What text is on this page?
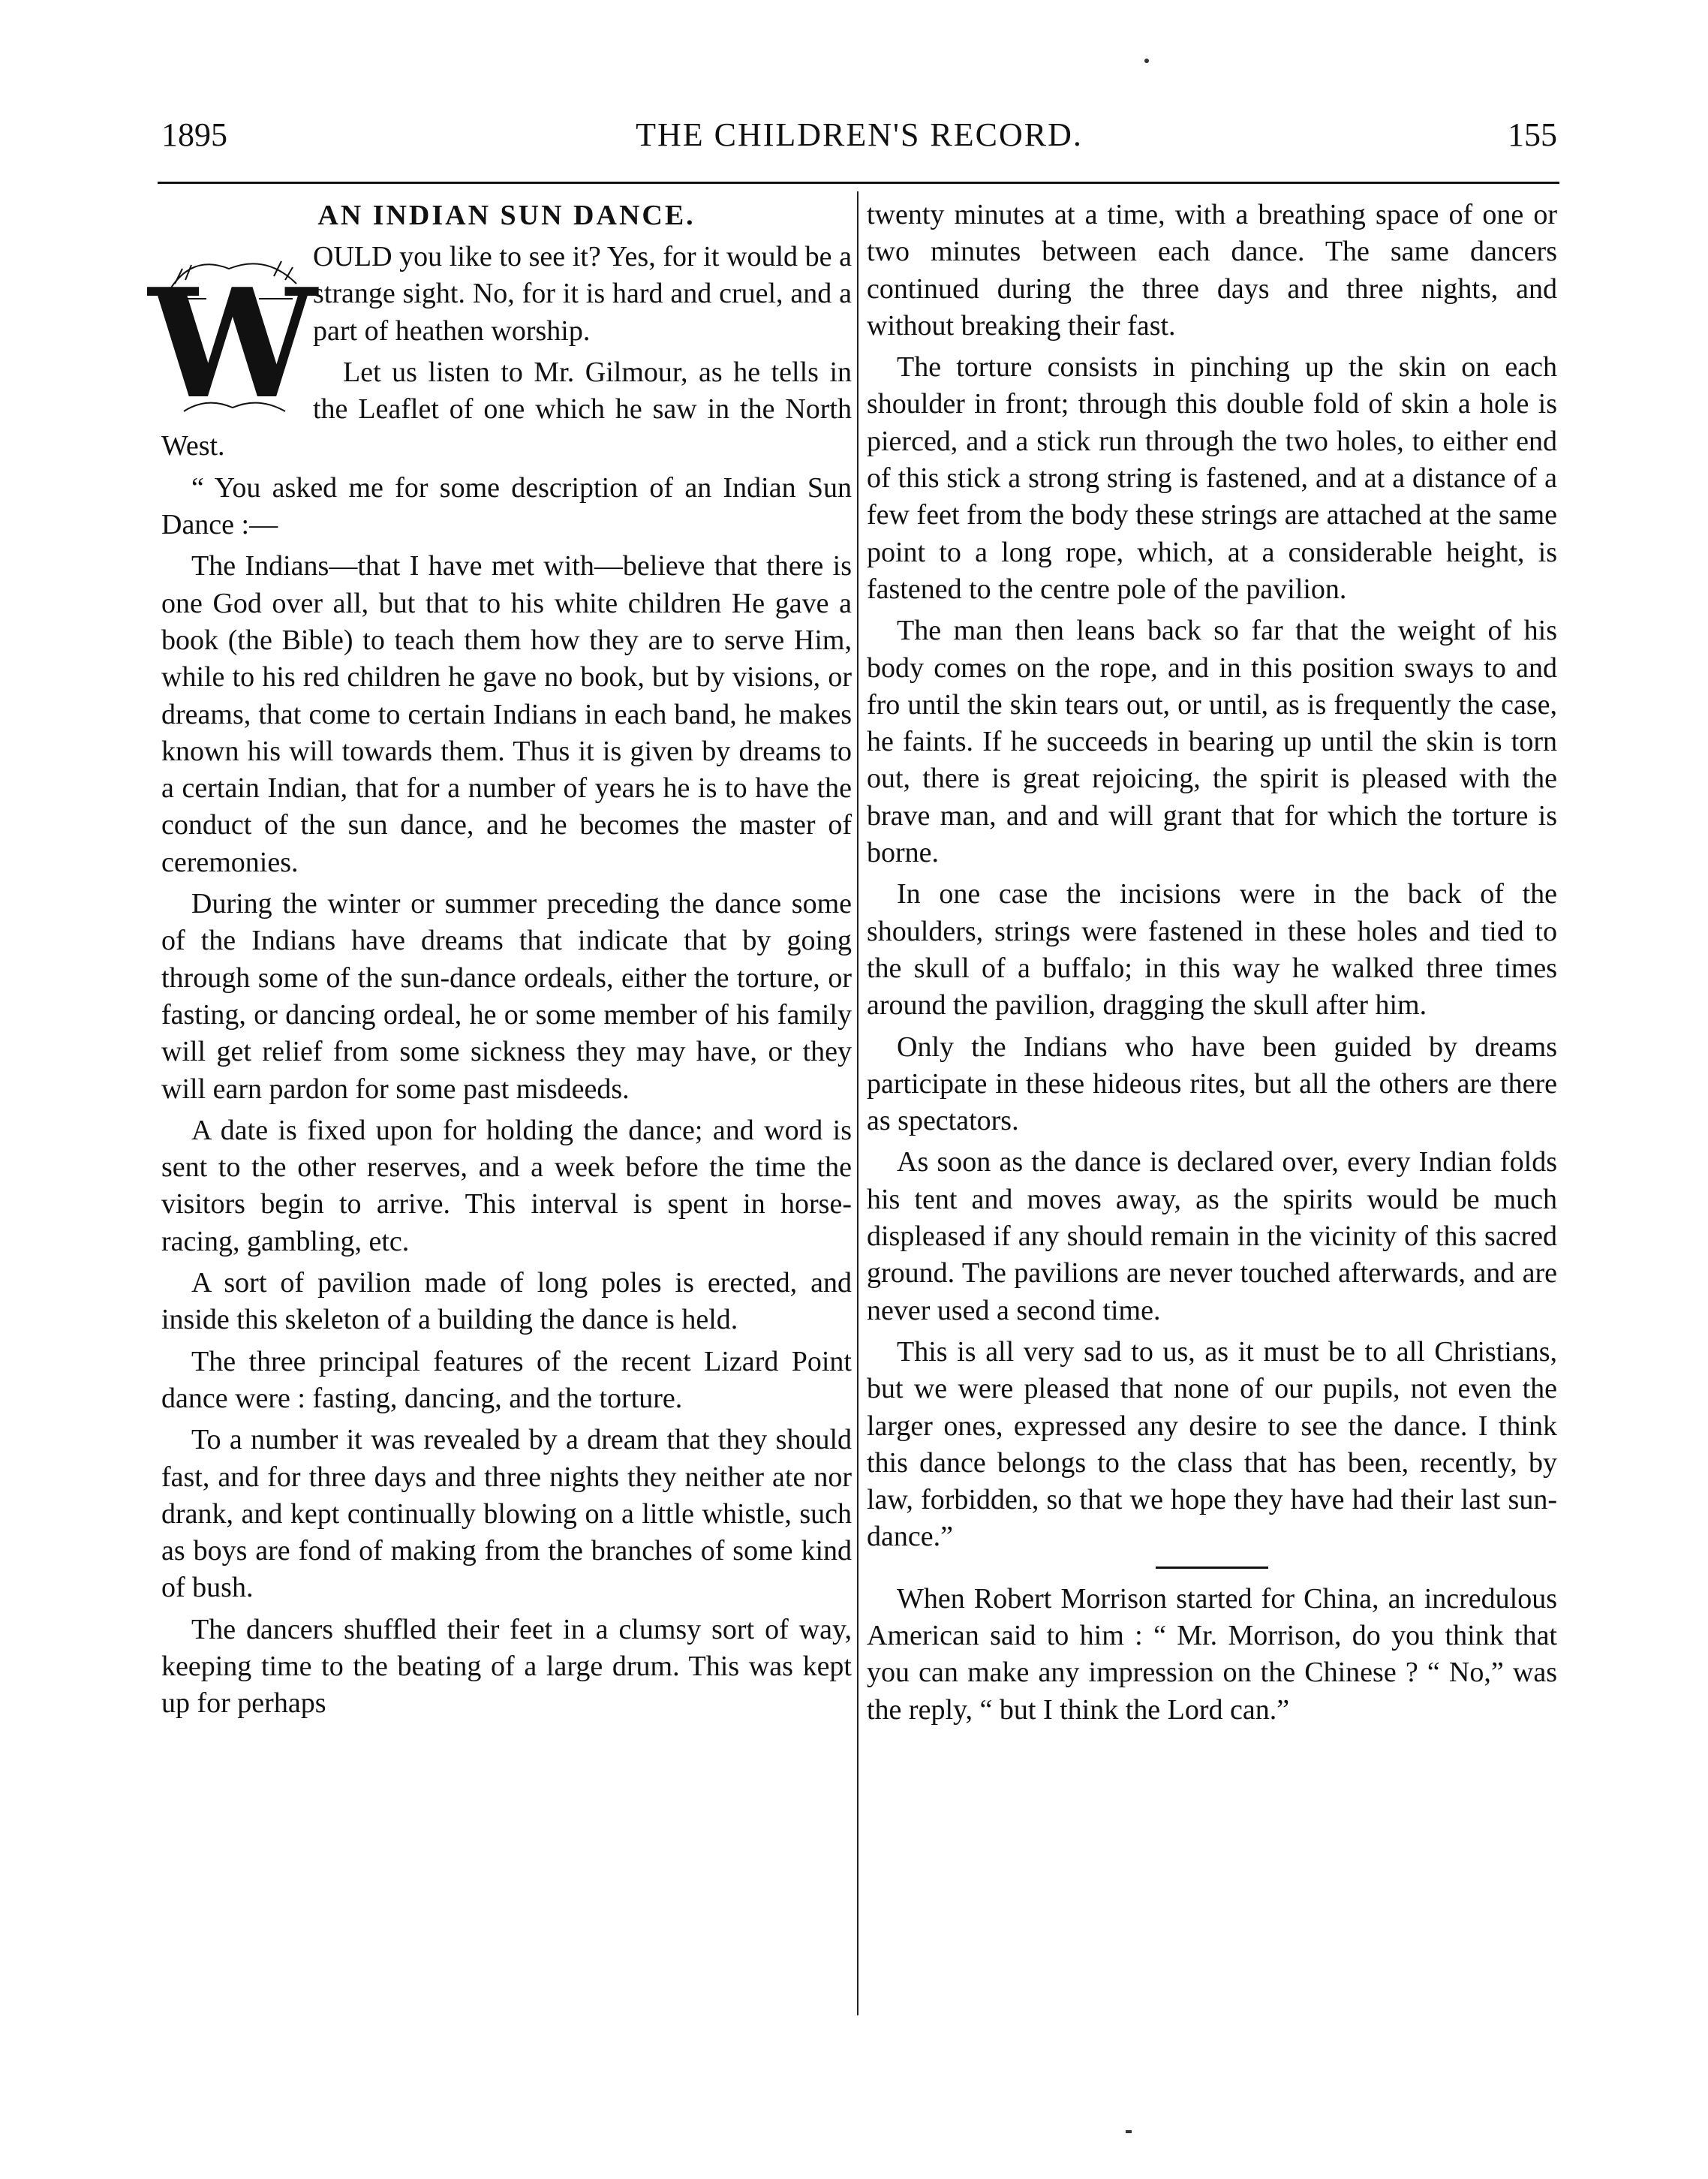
1895	THE CHILDREN'S RECORD.	155
AN INDIAN SUN DANCE.
W

OULD you like to see it? Yes, for it would be a strange sight. No, for it is hard and cruel, and a part of heathen worship.

Let us listen to Mr. Gilmour, as he tells in the Leaflet of one which he saw in the North West.

“ You asked me for some description of an Indian Sun Dance :—

The Indians—that I have met with—believe that there is one God over all, but that to his white children He gave a book (the Bible) to teach them how they are to serve Him, while to his red children he gave no book, but by visions, or dreams, that come to certain Indians in each band, he makes known his will towards them. Thus it is given by dreams to a certain Indian, that for a number of years he is to have the conduct of the sun dance, and he becomes the master of ceremonies.

During the winter or summer preceding the dance some of the Indians have dreams that indicate that by going through some of the sun-dance ordeals, either the torture, or fasting, or dancing ordeal, he or some member of his family will get relief from some sickness they may have, or they will earn pardon for some past misdeeds.

A date is fixed upon for holding the dance; and word is sent to the other reserves, and a week before the time the visitors begin to arrive. This interval is spent in horse-racing, gambling, etc.

A sort of pavilion made of long poles is erected, and inside this skeleton of a building the dance is held.

The three principal features of the recent Lizard Point dance were : fasting, dancing, and the torture.

To a number it was revealed by a dream that they should fast, and for three days and three nights they neither ate nor drank, and kept continually blowing on a little whistle, such as boys are fond of making from the branches of some kind of bush.

The dancers shuffled their feet in a clumsy sort of way, keeping time to the beating of a large drum. This was kept up for perhaps

twenty minutes at a time, with a breathing space of one or two minutes between each dance. The same dancers continued during the three days and three nights, and without breaking their fast.

The torture consists in pinching up the skin on each shoulder in front; through this double fold of skin a hole is pierced, and a stick run through the two holes, to either end of this stick a strong string is fastened, and at a distance of a few feet from the body these strings are attached at the same point to a long rope, which, at a considerable height, is fastened to the centre pole of the pavilion.

The man then leans back so far that the weight of his body comes on the rope, and in this position sways to and fro until the skin tears out, or until, as is frequently the case, he faints. If he succeeds in bearing up until the skin is torn out, there is great rejoicing, the spirit is pleased with the brave man, and and will grant that for which the torture is borne.

In one case the incisions were in the back of the shoulders, strings were fastened in these holes and tied to the skull of a buffalo; in this way he walked three times around the pavilion, dragging the skull after him.

Only the Indians who have been guided by dreams participate in these hideous rites, but all the others are there as spectators.

As soon as the dance is declared over, every Indian folds his tent and moves away, as the spirits would be much displeased if any should remain in the vicinity of this sacred ground. The pavilions are never touched afterwards, and are never used a second time.

This is all very sad to us, as it must be to all Christians, but we were pleased that none of our pupils, not even the larger ones, expressed any desire to see the dance. I think this dance belongs to the class that has been, recently, by law, forbidden, so that we hope they have had their last sun-dance.”

When Robert Morrison started for China, an incredulous American said to him : “ Mr. Morrison, do you think that you can make any impression on the Chinese ? “ No,” was the reply, “ but I think the Lord can.”
